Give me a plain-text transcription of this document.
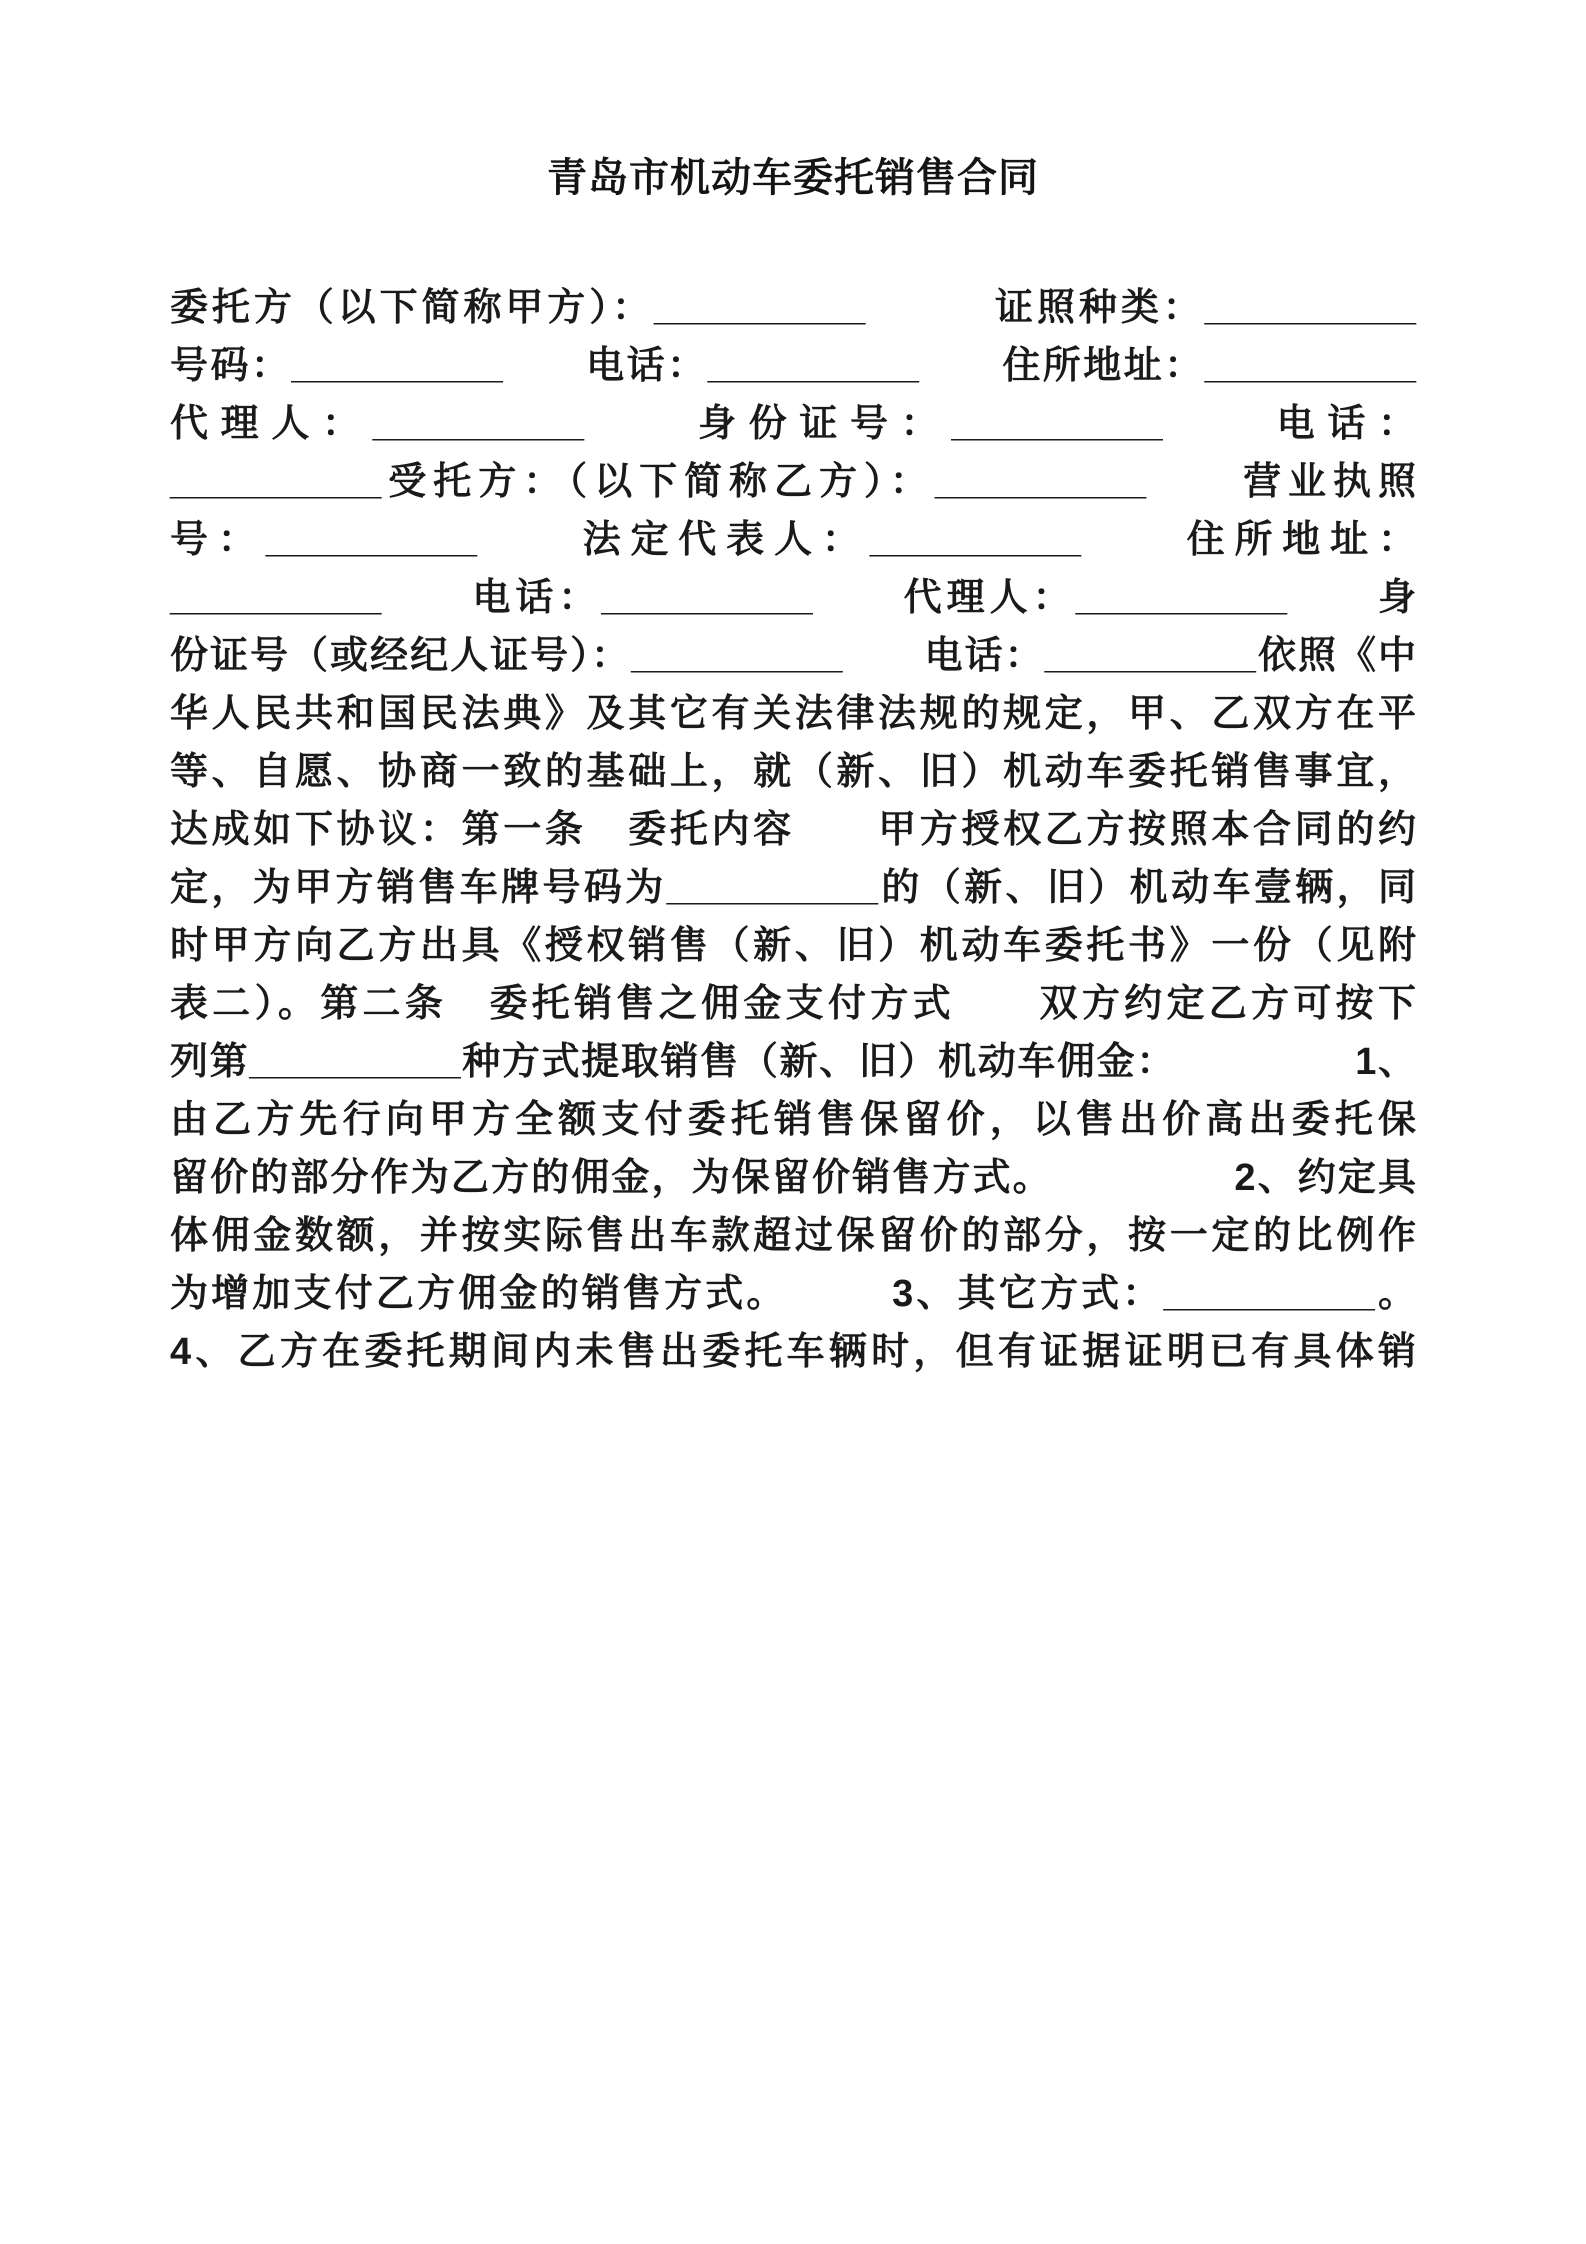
青岛市机动车委托销售合同
委托方（以下简称甲方）：__________　　　证照种类：__________
号码：__________　　电话：__________　　住所地址：__________
代理人：__________　　身份证号：__________　　电话：
__________受托方：（以下简称乙方）：__________　　营业执照
号：__________　　法定代表人：__________　　住所地址：
__________　　电话：__________　　代理人：__________　　身
份证号（或经纪人证号）：__________　　电话：__________依照《中
华人民共和国民法典》及其它有关法律法规的规定，甲、乙双方在平
等、自愿、协商一致的基础上，就（新、旧）机动车委托销售事宜，
达成如下协议：第一条　委托内容　　甲方授权乙方按照本合同的约
定，为甲方销售车牌号码为__________的（新、旧）机动车壹辆，同
时甲方向乙方出具《授权销售（新、旧）机动车委托书》一份（见附
表二）。第二条　委托销售之佣金支付方式　　双方约定乙方可按下
列第__________种方式提取销售（新、旧）机动车佣金：　　　　　1、
由乙方先行向甲方全额支付委托销售保留价，以售出价高出委托保
留价的部分作为乙方的佣金，为保留价销售方式。　　　　　2、约定具
体佣金数额，并按实际售出车款超过保留价的部分，按一定的比例作
为增加支付乙方佣金的销售方式。　　　3、其它方式：__________。
4、乙方在委托期间内未售出委托车辆时，但有证据证明已有具体销
